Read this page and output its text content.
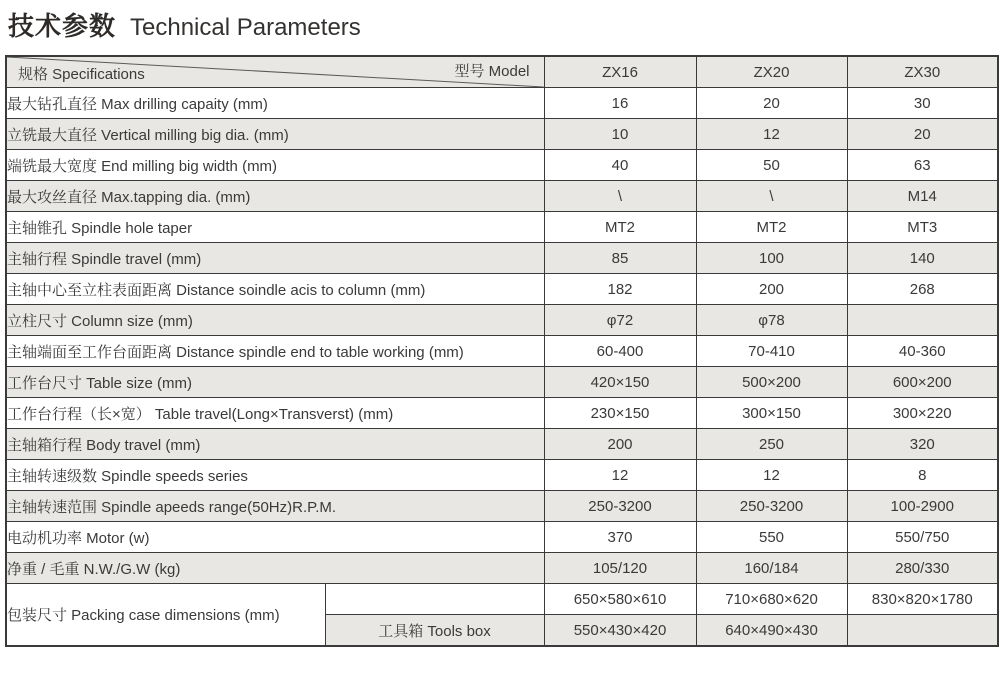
技术参数 Technical Parameters
规格 Specifications 型号 Model		ZX16	ZX20	ZX30
最大钻孔直径 Max drilling capaity (mm)		16	20	30
立铣最大直径 Vertical milling big dia. (mm)		10	12	20
端铣最大宽度 End milling big width (mm)		40	50	63
最大攻丝直径 Max.tapping dia. (mm)		\	\	M14
主轴锥孔 Spindle hole taper		MT2	MT2	MT3
主轴行程 Spindle travel (mm)		85	100	140
主轴中心至立柱表面距离 Distance soindle acis to column (mm)		182	200	268
立柱尺寸 Column size (mm)		φ72	φ78	
主轴端面至工作台面距离 Distance spindle end to table working (mm)		60-400	70-410	40-360
工作台尺寸 Table size (mm)		420×150	500×200	600×200
工作台行程（长×宽） Table travel(Long×Transverst) (mm)		230×150	300×150	300×220
主轴箱行程 Body travel (mm)		200	250	320
主轴转速级数 Spindle speeds series		12	12	8
主轴转速范围 Spindle apeeds range(50Hz)R.P.M.		250-3200	250-3200	100-2900
电动机功率 Motor (w)		370	550	550/750
净重 / 毛重 N.W./G.W (kg)		105/120	160/184	280/330
包装尺寸 Packing case dimensions (mm)		650×580×610	710×680×620	830×820×1780
	工具箱 Tools box	550×430×420	640×490×430	
